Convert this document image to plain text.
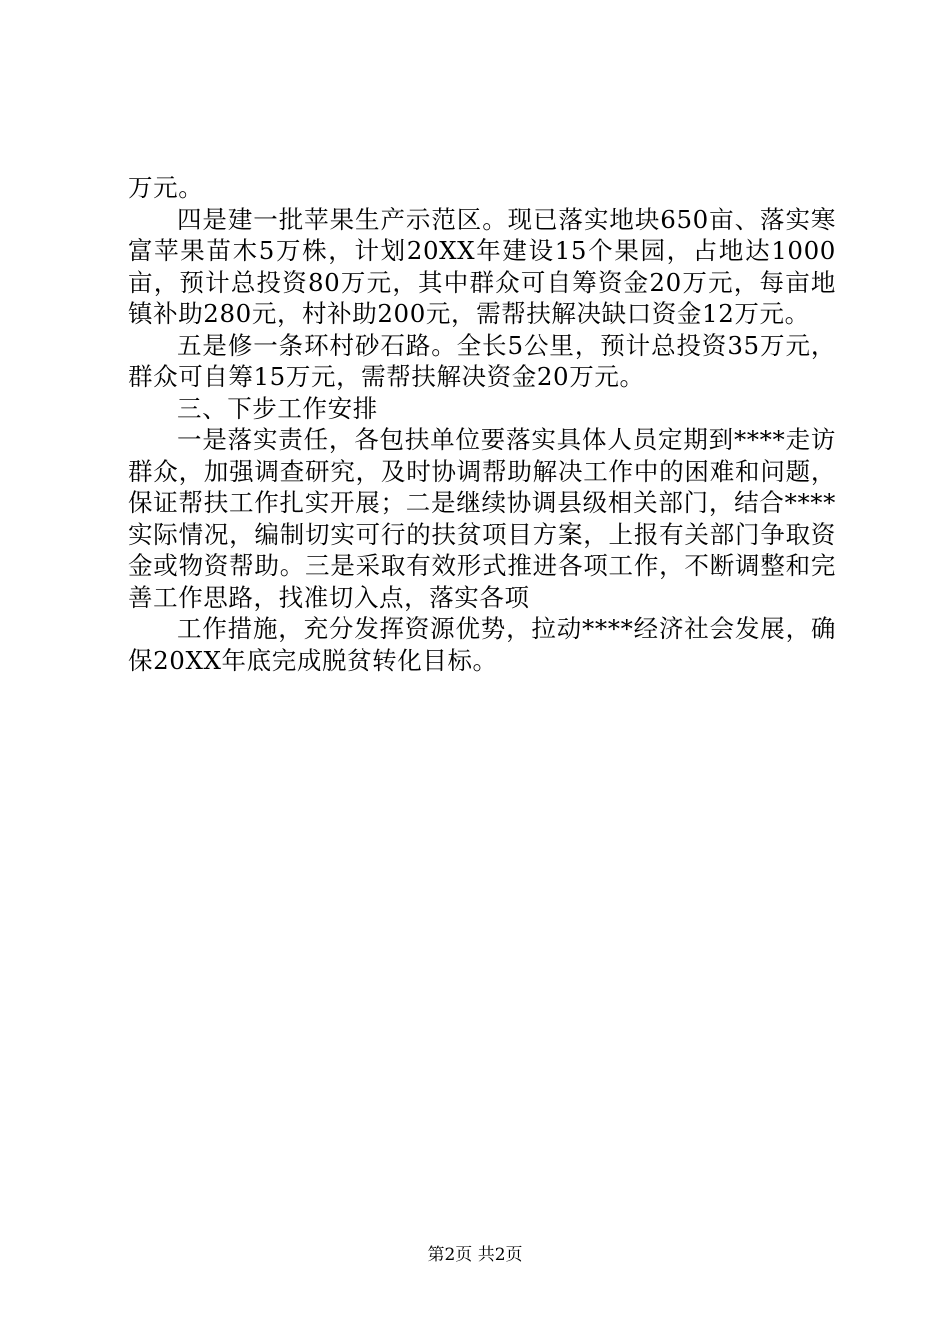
万元。

四是建一批苹果生产示范区。现已落实地块650亩、落实寒富苹果苗木5万株，计划20XX年建设15个果园，占地达1000亩，预计总投资80万元，其中群众可自筹资金20万元，每亩地镇补助280元，村补助200元，需帮扶解决缺口资金12万元。

五是修一条环村砂石路。全长5公里，预计总投资35万元，群众可自筹15万元，需帮扶解决资金20万元。

三、下步工作安排

一是落实责任，各包扶单位要落实具体人员定期到****走访群众，加强调查研究，及时协调帮助解决工作中的困难和问题，保证帮扶工作扎实开展；二是继续协调县级相关部门，结合****实际情况，编制切实可行的扶贫项目方案，上报有关部门争取资金或物资帮助。三是采取有效形式推进各项工作，不断调整和完善工作思路，找准切入点，落实各项

工作措施，充分发挥资源优势，拉动****经济社会发展，确保20XX年底完成脱贫转化目标。

第2页 共2页
